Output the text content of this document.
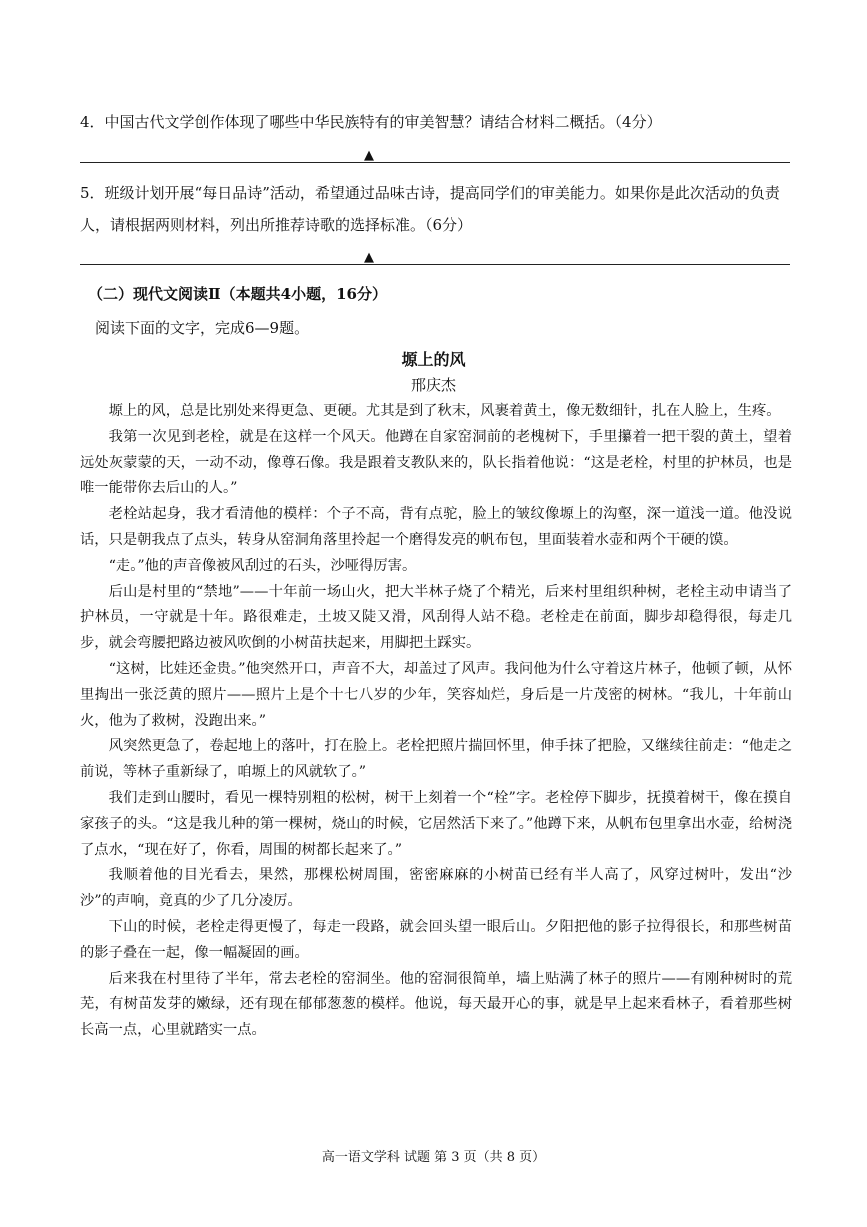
4．中国古代文学创作体现了哪些中华民族特有的审美智慧？请结合材料二概括。（4分）
▲
5．班级计划开展“每日品诗”活动，希望通过品味古诗，提高同学们的审美能力。如果你是此次活动的负责人，请根据两则材料，列出所推荐诗歌的选择标准。（6分）
▲
（二）现代文阅读Ⅱ（本题共4小题，16分）
阅读下面的文字，完成6—9题。
塬上的风
邢庆杰

塬上的风，总是比别处来得更急、更硬。尤其是到了秋末，风裹着黄土，像无数细针，扎在人脸上，生疼。

我第一次见到老栓，就是在这样一个风天。他蹲在自家窑洞前的老槐树下，手里攥着一把干裂的黄土，望着远处灰蒙蒙的天，一动不动，像尊石像。我是跟着支教队来的，队长指着他说：“这是老栓，村里的护林员，也是唯一能带你去后山的人。”

老栓站起身，我才看清他的模样：个子不高，背有点驼，脸上的皱纹像塬上的沟壑，深一道浅一道。他没说话，只是朝我点了点头，转身从窑洞角落里拎起一个磨得发亮的帆布包，里面装着水壶和两个干硬的馍。

“走。”他的声音像被风刮过的石头，沙哑得厉害。

后山是村里的“禁地”——十年前一场山火，把大半林子烧了个精光，后来村里组织种树，老栓主动申请当了护林员，一守就是十年。路很难走，土坡又陡又滑，风刮得人站不稳。老栓走在前面，脚步却稳得很，每走几步，就会弯腰把路边被风吹倒的小树苗扶起来，用脚把土踩实。

“这树，比娃还金贵。”他突然开口，声音不大，却盖过了风声。我问他为什么守着这片林子，他顿了顿，从怀里掏出一张泛黄的照片——照片上是个十七八岁的少年，笑容灿烂，身后是一片茂密的树林。“我儿，十年前山火，他为了救树，没跑出来。”

风突然更急了，卷起地上的落叶，打在脸上。老栓把照片揣回怀里，伸手抹了把脸，又继续往前走：“他走之前说，等林子重新绿了，咱塬上的风就软了。”

我们走到山腰时，看见一棵特别粗的松树，树干上刻着一个“栓”字。老栓停下脚步，抚摸着树干，像在摸自家孩子的头。“这是我儿种的第一棵树，烧山的时候，它居然活下来了。”他蹲下来，从帆布包里拿出水壶，给树浇了点水，“现在好了，你看，周围的树都长起来了。”

我顺着他的目光看去，果然，那棵松树周围，密密麻麻的小树苗已经有半人高了，风穿过树叶，发出“沙沙”的声响，竟真的少了几分凌厉。

下山的时候，老栓走得更慢了，每走一段路，就会回头望一眼后山。夕阳把他的影子拉得很长，和那些树苗的影子叠在一起，像一幅凝固的画。

后来我在村里待了半年，常去老栓的窑洞坐。他的窑洞很简单，墙上贴满了林子的照片——有刚种树时的荒芜，有树苗发芽的嫩绿，还有现在郁郁葱葱的模样。他说，每天最开心的事，就是早上起来看林子，看着那些树长高一点，心里就踏实一点。

高一语文学科 试题 第 3 页（共 8 页）
